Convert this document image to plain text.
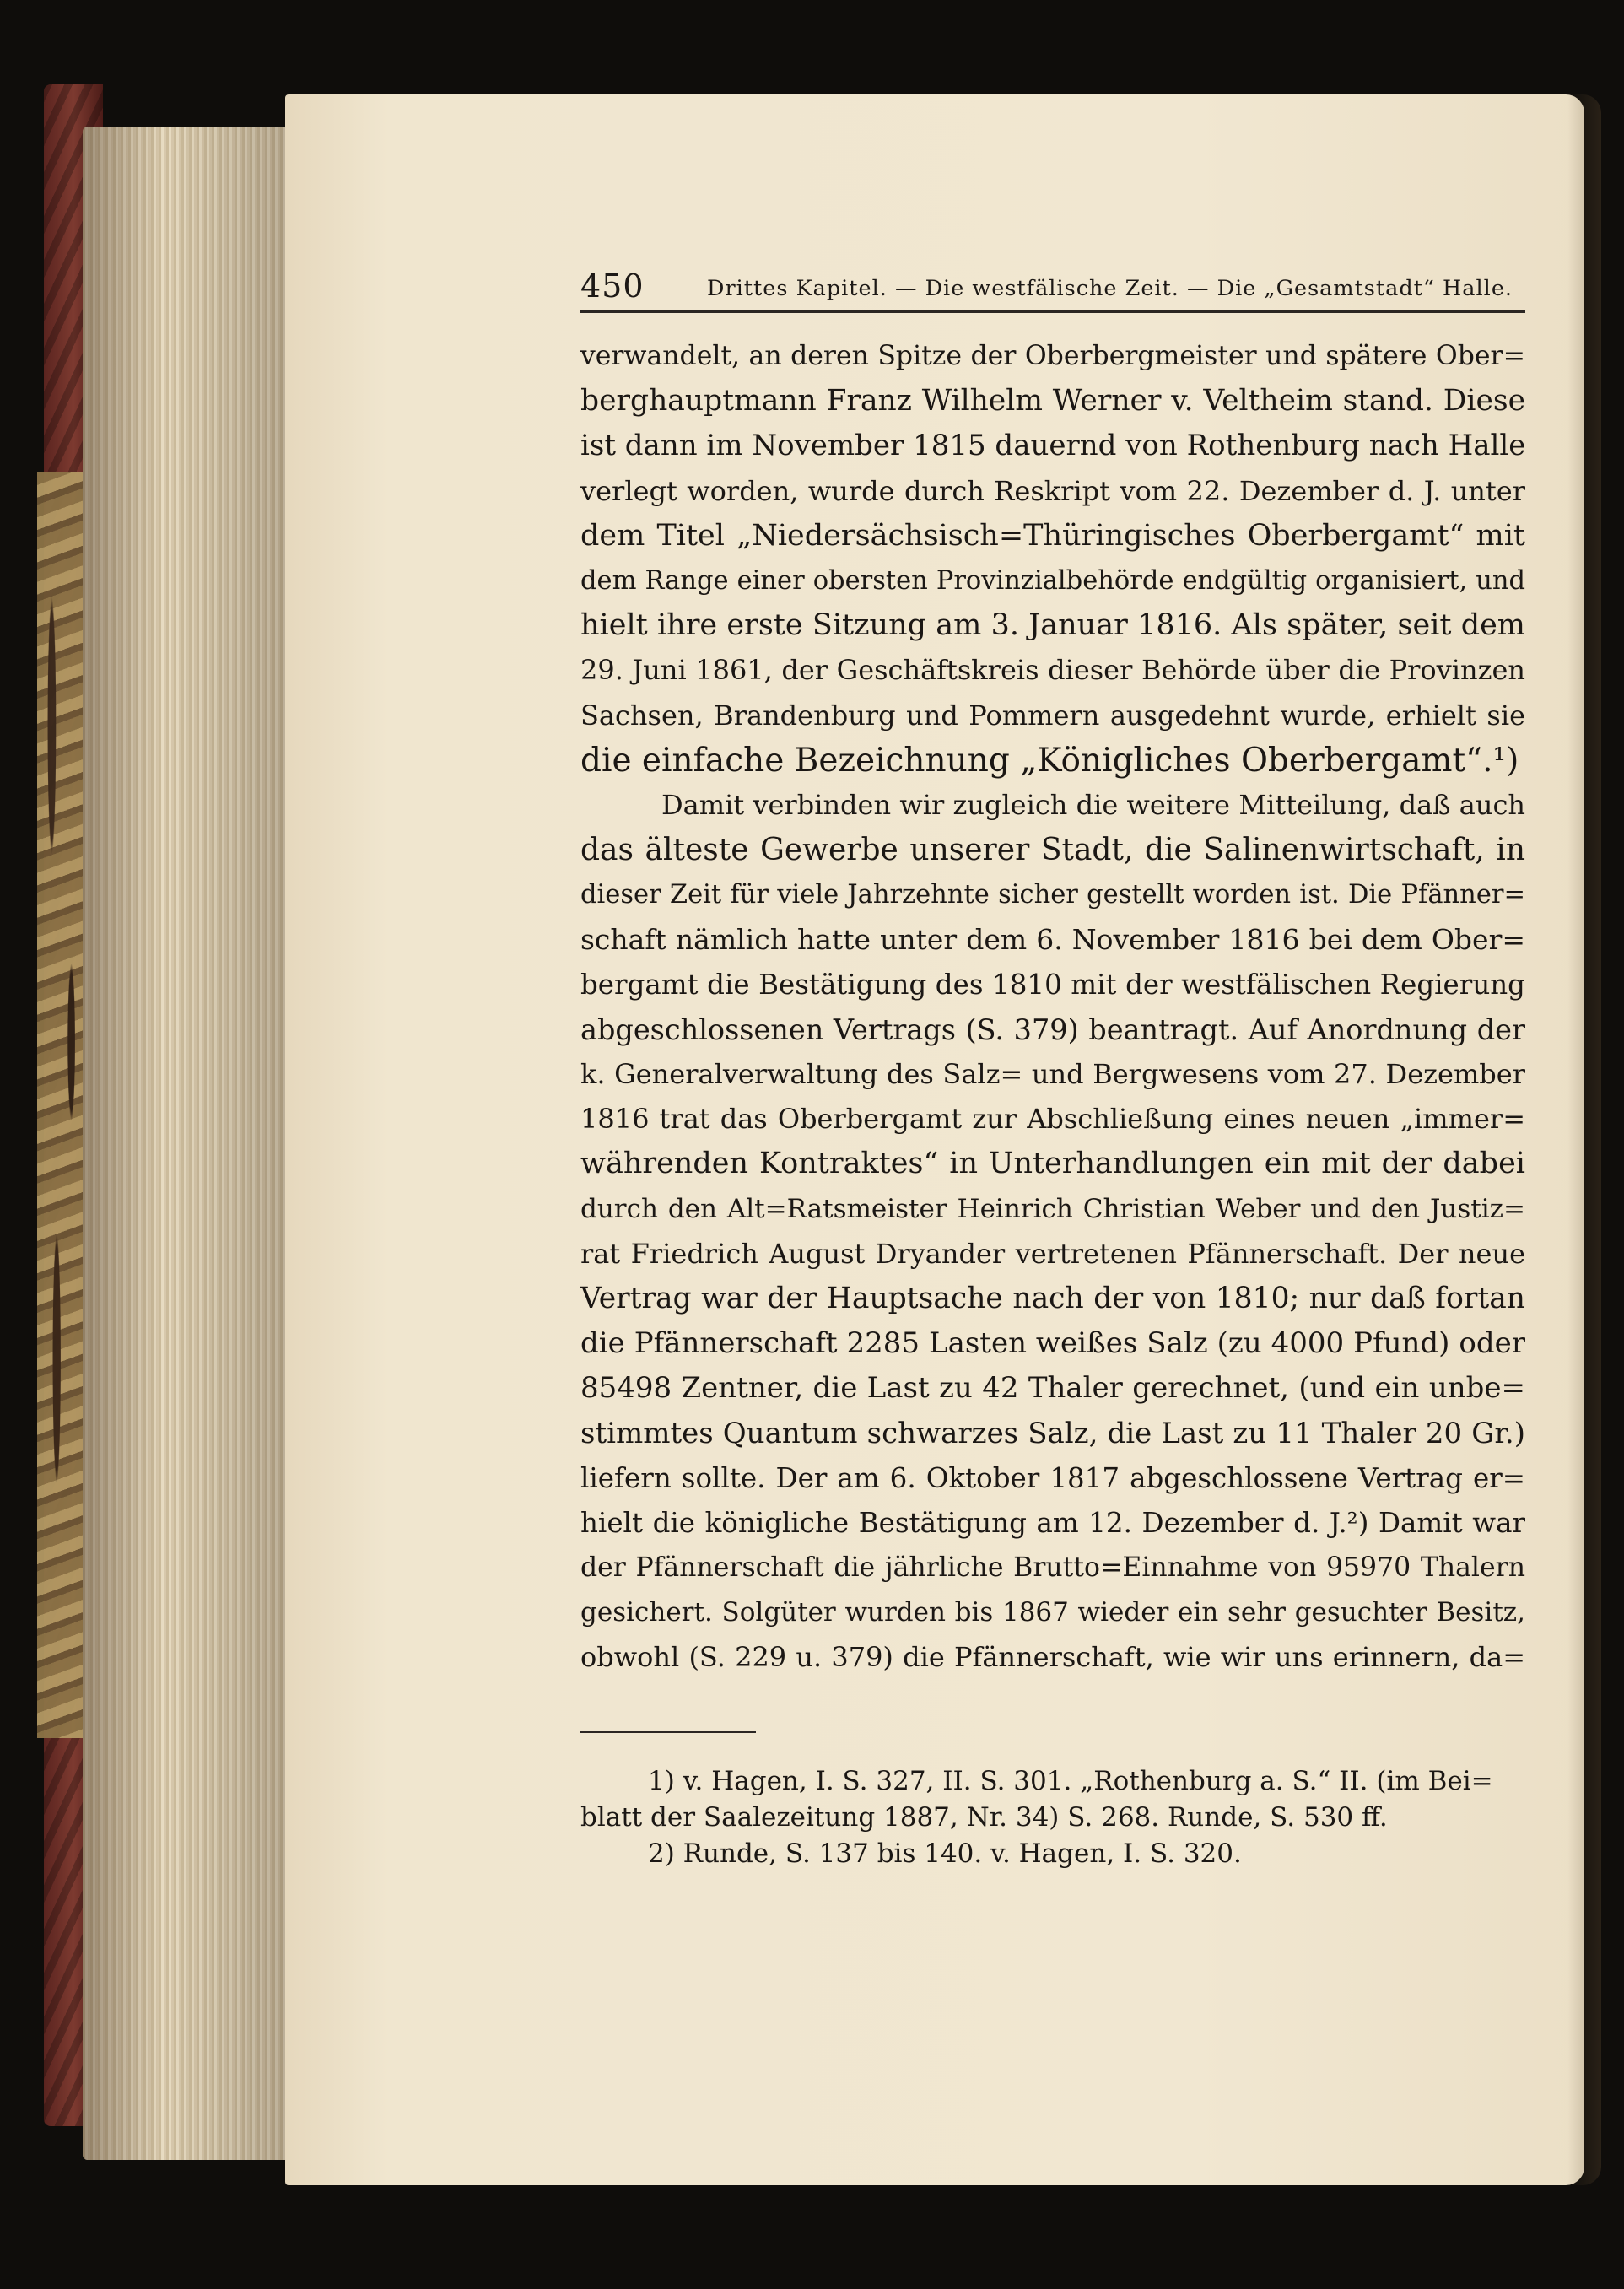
450	Drittes Kapitel. — Die westfälische Zeit. — Die „Gesamtstadt“ Halle.
verwandelt, an deren Spitze der Oberbergmeister und spätere Ober=
berghauptmann Franz Wilhelm Werner v. Veltheim stand. Diese
ist dann im November 1815 dauernd von Rothenburg nach Halle
verlegt worden, wurde durch Reskript vom 22. Dezember d. J. unter
dem Titel „Niedersächsisch=Thüringisches Oberbergamt“ mit
dem Range einer obersten Provinzialbehörde endgültig organisiert, und
hielt ihre erste Sitzung am 3. Januar 1816. Als später, seit dem
29. Juni 1861, der Geschäftskreis dieser Behörde über die Provinzen
Sachsen, Brandenburg und Pommern ausgedehnt wurde, erhielt sie
die einfache Bezeichnung „Königliches Oberbergamt“.¹)
Damit verbinden wir zugleich die weitere Mitteilung, daß auch
das älteste Gewerbe unserer Stadt, die Salinenwirtschaft, in
dieser Zeit für viele Jahrzehnte sicher gestellt worden ist. Die Pfänner=
schaft nämlich hatte unter dem 6. November 1816 bei dem Ober=
bergamt die Bestätigung des 1810 mit der westfälischen Regierung
abgeschlossenen Vertrags (S. 379) beantragt. Auf Anordnung der
k. Generalverwaltung des Salz= und Bergwesens vom 27. Dezember
1816 trat das Oberbergamt zur Abschließung eines neuen „immer=
währenden Kontraktes“ in Unterhandlungen ein mit der dabei
durch den Alt=Ratsmeister Heinrich Christian Weber und den Justiz=
rat Friedrich August Dryander vertretenen Pfännerschaft. Der neue
Vertrag war der Hauptsache nach der von 1810; nur daß fortan
die Pfännerschaft 2285 Lasten weißes Salz (zu 4000 Pfund) oder
85498 Zentner, die Last zu 42 Thaler gerechnet, (und ein unbe=
stimmtes Quantum schwarzes Salz, die Last zu 11 Thaler 20 Gr.)
liefern sollte. Der am 6. Oktober 1817 abgeschlossene Vertrag er=
hielt die königliche Bestätigung am 12. Dezember d. J.²) Damit war
der Pfännerschaft die jährliche Brutto=Einnahme von 95970 Thalern
gesichert. Solgüter wurden bis 1867 wieder ein sehr gesuchter Besitz,
obwohl (S. 229 u. 379) die Pfännerschaft, wie wir uns erinnern, da=
1) v. Hagen, I. S. 327, II. S. 301. „Rothenburg a. S.“ II. (im Bei=
blatt der Saalezeitung 1887, Nr. 34) S. 268. Runde, S. 530 ff.
2) Runde, S. 137 bis 140. v. Hagen, I. S. 320.
